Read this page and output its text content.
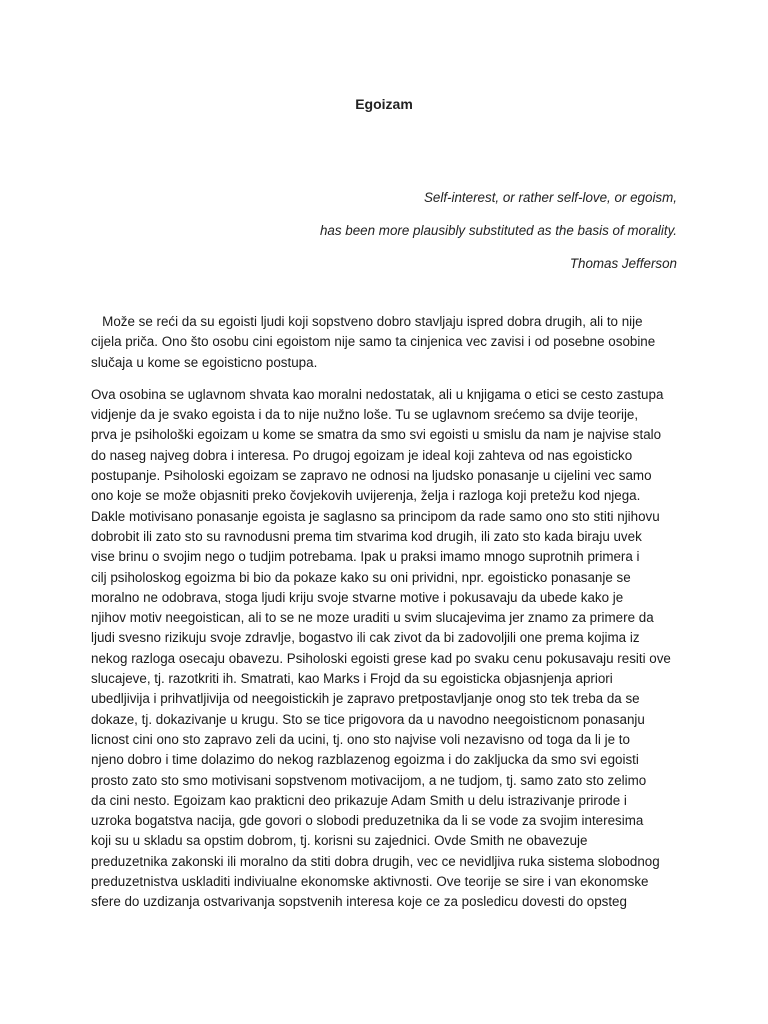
Egoizam
Self-interest, or rather self-love, or egoism,
has been more plausibly substituted as the basis of morality.
Thomas Jefferson

Može se reći da su egoisti ljudi koji sopstveno dobro stavljaju ispred dobra drugih, ali to nije
cijela priča. Ono što osobu cini egoistom nije samo ta cinjenica vec zavisi i od posebne osobine
slučaja u kome se egoisticno postupa.

Ova osobina se uglavnom shvata kao moralni nedostatak, ali u knjigama o etici se cesto zastupa
vidjenje da je svako egoista i da to nije nužno loše. Tu se uglavnom srećemo sa dvije teorije,
prva je psihološki egoizam u kome se smatra da smo svi egoisti u smislu da nam je najvise stalo
do naseg najveg dobra i interesa. Po drugoj egoizam je ideal koji zahteva od nas egoisticko
postupanje. Psiholoski egoizam se zapravo ne odnosi na ljudsko ponasanje u cijelini vec samo
ono koje se može objasniti preko čovjekovih uvijerenja, želja i razloga koji pretežu kod njega.
Dakle motivisano ponasanje egoista je saglasno sa principom da rade samo ono sto stiti njihovu
dobrobit ili zato sto su ravnodusni prema tim stvarima kod drugih, ili zato sto kada biraju uvek
vise brinu o svojim nego o tudjim potrebama. Ipak u praksi imamo mnogo suprotnih primera i
cilj psiholoskog egoizma bi bio da pokaze kako su oni prividni, npr. egoisticko ponasanje se
moralno ne odobrava, stoga ljudi kriju svoje stvarne motive i pokusavaju da ubede kako je
njihov motiv neegoistican, ali to se ne moze uraditi u svim slucajevima jer znamo za primere da
ljudi svesno rizikuju svoje zdravlje, bogastvo ili cak zivot da bi zadovoljili one prema kojima iz
nekog razloga osecaju obavezu. Psiholoski egoisti grese kad po svaku cenu pokusavaju resiti ove
slucajeve, tj. razotkriti ih. Smatrati, kao Marks i Frojd da su egoisticka objasnjenja apriori
ubedljivija i prihvatljivija od neegoistickih je zapravo pretpostavljanje onog sto tek treba da se
dokaze, tj. dokazivanje u krugu. Sto se tice prigovora da u navodno neegoisticnom ponasanju
licnost cini ono sto zapravo zeli da ucini, tj. ono sto najvise voli nezavisno od toga da li je to
njeno dobro i time dolazimo do nekog razblazenog egoizma i do zakljucka da smo svi egoisti
prosto zato sto smo motivisani sopstvenom motivacijom, a ne tudjom, tj. samo zato sto zelimo
da cini nesto. Egoizam kao prakticni deo prikazuje Adam Smith u delu istrazivanje prirode i
uzroka bogatstva nacija, gde govori o slobodi preduzetnika da li se vode za svojim interesima
koji su u skladu sa opstim dobrom, tj. korisni su zajednici. Ovde Smith ne obavezuje
preduzetnika zakonski ili moralno da stiti dobra drugih, vec ce nevidljiva ruka sistema slobodnog
preduzetnistva uskladiti indiviualne ekonomske aktivnosti. Ove teorije se sire i van ekonomske
sfere do uzdizanja ostvarivanja sopstvenih interesa koje ce za posledicu dovesti do opsteg
